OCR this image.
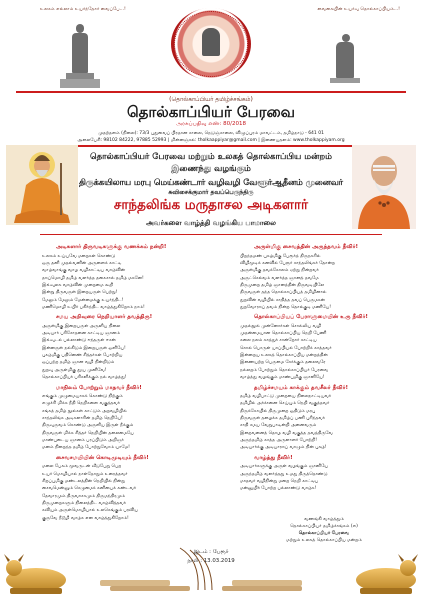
உலகம் எல்லாம் உயர்ந்தோர் வைப்பே...!	வைகையின் உயர்வு தொல்காப்பியம்...!
(தொல்காப்பியர் தமிழ்ச்சங்கம்)
தொல்காப்பியர் பேரவை
அரசுப்பதிவு எண்: 80/2018
முதற்தளம் (நிலை): 73/3 புதுவைப் பிரதான சாலை, நெடுஞ்சாலை, விழுப்புரம் மாவட்டம், தமிழ்நாடு - 641 01
அலைபேசி: 98102 84222, 97885 52993 | மின்னஞ்சல்: tholkaappiyar@gmail.com | இணையதளம்: www.tholkappiyam.org
தொல்காப்பியர் பேரவை மற்றும் உலகத் தொல்காப்பிய மன்றம்
இணைந்து வழங்கும்
திருக்கயிலாய மரபு மெய்கண்டார் வழிவழி வேளூர்ஆதீனம் முனைவர்
சுவிசைக்குமார் தவப்பெருந்திரு
சாந்தலிங்க மருதாசல அடிகளார்
அவர்களை வாழ்த்தி வழங்கிய பாமாலை
அடிகளார் திருவடிகளுக்கு வணக்கம் நன்றி!
உலகம் உய்யவே மறைகள் கொண்டு
ஒரு தனி முதல்வனின் அருளைக் காட்டி
வாழ்வாங்கு வாழ வழிகாட்டிய வாழ்வின்
தாய்மொழி தமிழ் வளர்த்த தகைசால் தமிழ் மகனே!
இவ்வுலக வாழ்வின் முறைமை கூறி
இன்று திருவருள் இறையருள் பெற்று!
மேலும் மேலும் மேன்மைக்கு உயர்ந்திட!
மணிமொழி உயிர் பகிர்ந்திட வாழ்த்துகிறோம் நாம்!
சமய அறிவுரை நெறியாளர் தவத்திரு!
அருள்மிகு இறையருள் அருளிய நிலை
அடியார் பரிசோதனை காட்டிய ஞானம்
இவ்வுடல் பல்லாண்டு ஈந்தருள் ஈசன்
இன்னருள் நல்கிடும் இறையருள் ஒளியே!
புகழ்மிகு பதினெண் சித்தர்கள் போற்றிய
ஒப்பற்ற தமிழ் ஞான வழி நின்றிடும்
துறவு அருள்மிகு தூய முனிவே!
தொல்காப்பியர் பரிசளிக்கும் நல் வாழ்த்து!
மாநிலம் போற்றும் மாதவர் நீவிர்!
எங்கும் முழுமையாகக் கொண்டு நிற்கும்
எழுச்சி மிக்க நீதி நெறிகளை வகுத்தவர்
சங்கத் தமிழ் நூல்கள் காட்டும் அறவழியில்
சாந்தலிங்க அடிகளாரின் தமிழ் நெறியே!
திருவுருவம் கொண்டு அருளிய இருள் நீக்கும்
திருவருள் மிக்க சித்தர் நெறியின் தலைமையே
மாண்புடைய ஞானம் பரப்பிடும் அறிஞர்
மனம் நிறைந்த தமிழ் போற்றுவோம் யாமே!
சைவசமயியின் கொடிமுடியும் நீவிர்!
மலை பேசும் மூவருடன் வீடுபேறு பெற
உயர் மொழியால் நாள்தோறும் உரைத்தவர்
சிறப்புமிகு மண்டலத்தின் நெறியில் நின்று
சைவமென்னும் செழுமைக் கனியைக் கண்டவர்
தேவாரமும் திருவாசகமும் திருமந்திரமும்
திருமுறைகளும் நிலைத்திட வாழ்வித்தவர்
கவியும் அருள்மொழியால் உலகெங்கும் பரவிய
குருவே நீடூழி வாழ்க என வாழ்த்துகிறோம்!
அருள்மிகு சைவத்தின் அருந்தவம் நீவிர்!
பிறந்தமண் புகழ்மிகு பேரூர்த் திருநகரில்
விழிமூடிக் கனவில் பேரூர் சாந்தலிங்கர் தோன்ற
அருள்மிகு தவக்கோலம் ஏற்று நின்றவர்
அருட்செல்வம் வளர்த்த ஞானத் தவமே
திருமுறை தமிழ் ஞானத்தின் திருவடியிலே
திருவருள் தந்த தொல்காப்பியத் தமிழினால்
துறவின் வழியில் சாதித்த தவப் பெருமகன்
துறவோராய் தவம் நின்ற தொல்குடி மணியே!
தொல்காப்பியப் பேராளுமையின் உரு நீவிர்!
முதல்நூல் முன்னோர்கள் சொல்லிய வழி
முதன்மையான தொல்காப்பிய நெறி பேணி
கலை நலம் காத்துச் சான்றோர் காட்டிய
சொல் பொருள் யாப்பியல் போற்றிக் காத்தவர்
இன்றைய உலகத் தொல்காப்பிய மன்றத்தின்
இணையற்ற பெருமை சேர்க்கும் தலைவரே
நல்லறம் போற்றும் தொல்காப்பியர் பேரவை
வாழ்த்து வழங்கும் மாண்புமிகு ஞானியே!
தமிழ்ச்சமயம் காக்கும் தவசீலர் நீவிர்!
தமிழ் வழிபாட்டு முறையை நிலைநாட்டியவர்
தமிழில் அர்ச்சனை செய்யும் நெறி வகுத்தவர்
திருக்கோயில் திருமுறை ஓதிடும் மரபு
திருவருள் தழைக்க தமிழ்ப் பணி புரிந்தவர்
சாதி சமய வேறுபாடின்றி அனைவரும்
இறைவனைத் தொழ வழி வகுத்த தவத்திருவே
அருந்தமிழ் காத்த அருளாளர் போற்றி!
அடியார்க்கு அடியாராய் வாழும் நின் புகழ்!
வாழ்த்து நீவிர்!
அடியார்களுக்கு அருள் வழங்கும் ஞானியே
அருந்தமிழ் வளர்த்தது உமது திருத்தொண்டு
மாதவர் வழிநின்று மறை நெறி காட்டிய
மன்னுயிர் போற்ற பல்லாண்டு வாழ்க!
வணங்கி வாழ்த்தும்
தொல்காப்பியர் தமிழ்ச்சங்கம் (எ)
தொல்காப்பியர் பேரவை
மற்றும் உலகத் தொல்காப்பிய மன்றம்
இடம் : பேரூர்
நாள் : 13.03.2019
